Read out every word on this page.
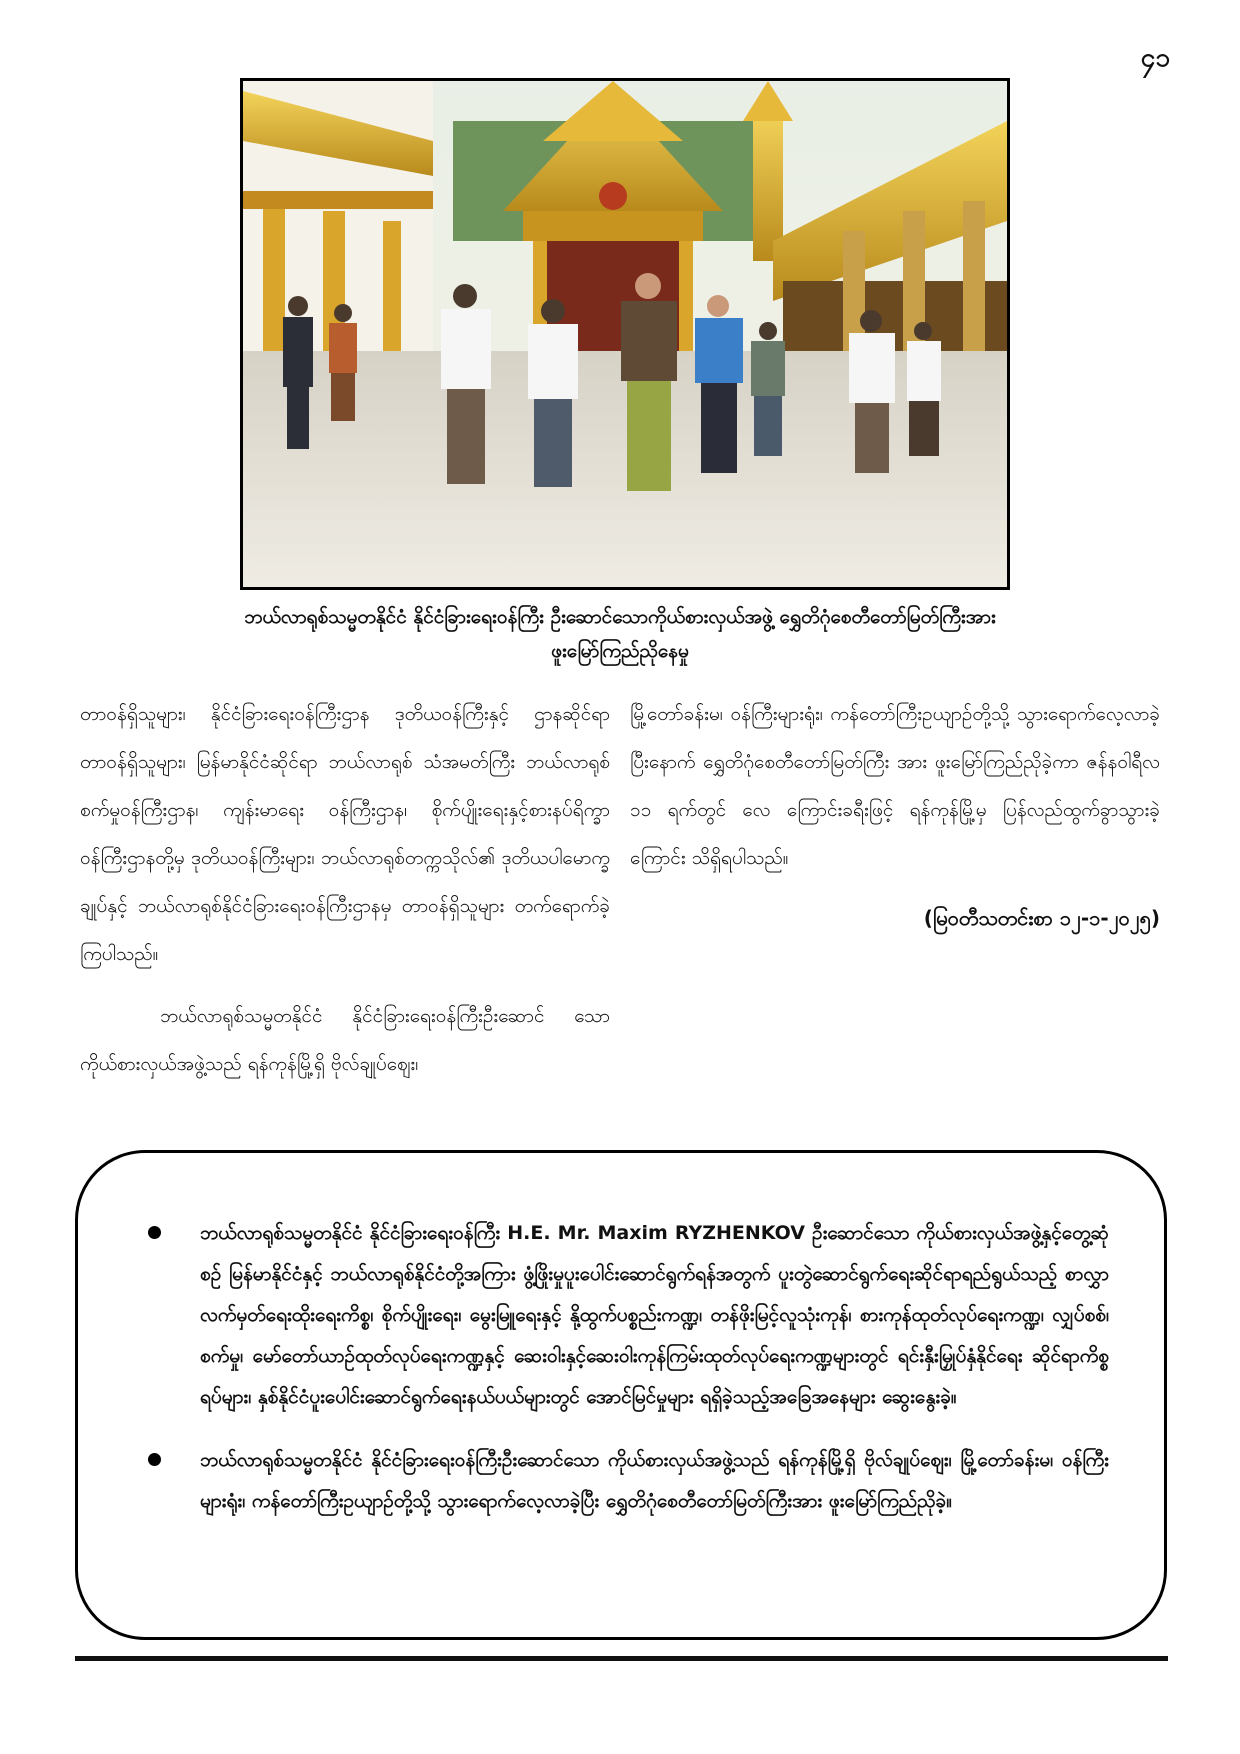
၄၁
ဘယ်လာရုစ်သမ္မတနိုင်ငံ နိုင်ငံခြားရေးဝန်ကြီး ဦးဆောင်သောကိုယ်စားလှယ်အဖွဲ့ ရွှေတိဂုံစေတီတော်မြတ်ကြီးအား
ဖူးမြော်ကြည်ညိုနေမှု

တာဝန်ရှိသူများ၊ နိုင်ငံခြားရေးဝန်ကြီးဌာန ဒုတိယဝန်ကြီးနှင့် ဌာနဆိုင်ရာတာဝန်ရှိသူများ၊ မြန်မာနိုင်ငံဆိုင်ရာ ဘယ်လာရုစ် သံအမတ်ကြီး ဘယ်လာရုစ်စက်မှုဝန်ကြီးဌာန၊ ကျန်းမာရေး ဝန်ကြီးဌာန၊ စိုက်ပျိုးရေးနှင့်စားနပ်ရိက္ခာဝန်ကြီးဌာနတို့မှ ဒုတိယဝန်ကြီးများ၊ ဘယ်လာရုစ်တက္ကသိုလ်၏ ဒုတိယပါမောက္ခ ချုပ်နှင့် ဘယ်လာရုစ်နိုင်ငံခြားရေးဝန်ကြီးဌာနမှ တာဝန်ရှိသူများ တက်ရောက်ခဲ့ကြပါသည်။

ဘယ်လာရုစ်သမ္မတနိုင်ငံ နိုင်ငံခြားရေးဝန်ကြီးဦးဆောင် သော ကိုယ်စားလှယ်အဖွဲ့သည် ရန်ကုန်မြို့ရှိ ဗိုလ်ချုပ်ဈေး၊

မြို့တော်ခန်းမ၊ ဝန်ကြီးများရုံး၊ ကန်တော်ကြီးဥယျာဉ်တို့သို့ သွားရောက်လေ့လာခဲ့ပြီးနောက် ရွှေတိဂုံစေတီတော်မြတ်ကြီး အား ဖူးမြော်ကြည်ညိုခဲ့ကာ ဇန်နဝါရီလ ၁၁ ရက်တွင် လေ ကြောင်းခရီးဖြင့် ရန်ကုန်မြို့မှ ပြန်လည်ထွက်ခွာသွားခဲ့ကြောင်း သိရှိရပါသည်။

(မြဝတီသတင်းစာ ၁၂-၁-၂၀၂၅)
ဘယ်လာရုစ်သမ္မတနိုင်ငံ နိုင်ငံခြားရေးဝန်ကြီး H.E. Mr. Maxim RYZHENKOV ဦးဆောင်သော ကိုယ်စားလှယ်အဖွဲ့နှင့်တွေ့ဆုံစဉ် မြန်မာနိုင်ငံနှင့် ဘယ်လာရုစ်နိုင်ငံတို့အကြား ဖွံ့ဖြိုးမှုပူးပေါင်းဆောင်ရွက်ရန်အတွက် ပူးတွဲဆောင်ရွက်ရေးဆိုင်ရာရည်ရွယ်သည့် စာလွှာလက်မှတ်ရေးထိုးရေးကိစ္စ၊ စိုက်ပျိုးရေး၊ မွေးမြူရေးနှင့် နို့ထွက်ပစ္စည်းကဏ္ဍ၊ တန်ဖိုးမြင့်လူသုံးကုန်၊ စားကုန်ထုတ်လုပ်ရေးကဏ္ဍ၊ လျှပ်စစ်၊ စက်မှု၊ မော်တော်ယာဉ်ထုတ်လုပ်ရေးကဏ္ဍနှင့် ဆေးဝါးနှင့်ဆေးဝါးကုန်ကြမ်းထုတ်လုပ်ရေးကဏ္ဍများတွင် ရင်းနှီးမြှုပ်နှံနိုင်ရေး ဆိုင်ရာကိစ္စရပ်များ၊ နှစ်နိုင်ငံပူးပေါင်းဆောင်ရွက်ရေးနယ်ပယ်များတွင် အောင်မြင်မှုများ ရရှိခဲ့သည့်အခြေအနေများ ဆွေးနွေးခဲ့။
ဘယ်လာရုစ်သမ္မတနိုင်ငံ နိုင်ငံခြားရေးဝန်ကြီးဦးဆောင်သော ကိုယ်စားလှယ်အဖွဲ့သည် ရန်ကုန်မြို့ရှိ ဗိုလ်ချုပ်ဈေး၊ မြို့တော်ခန်းမ၊ ဝန်ကြီးများရုံး၊ ကန်တော်ကြီးဥယျာဉ်တို့သို့ သွားရောက်လေ့လာခဲ့ပြီး ရွှေတိဂုံစေတီတော်မြတ်ကြီးအား ဖူးမြော်ကြည်ညိုခဲ့။
